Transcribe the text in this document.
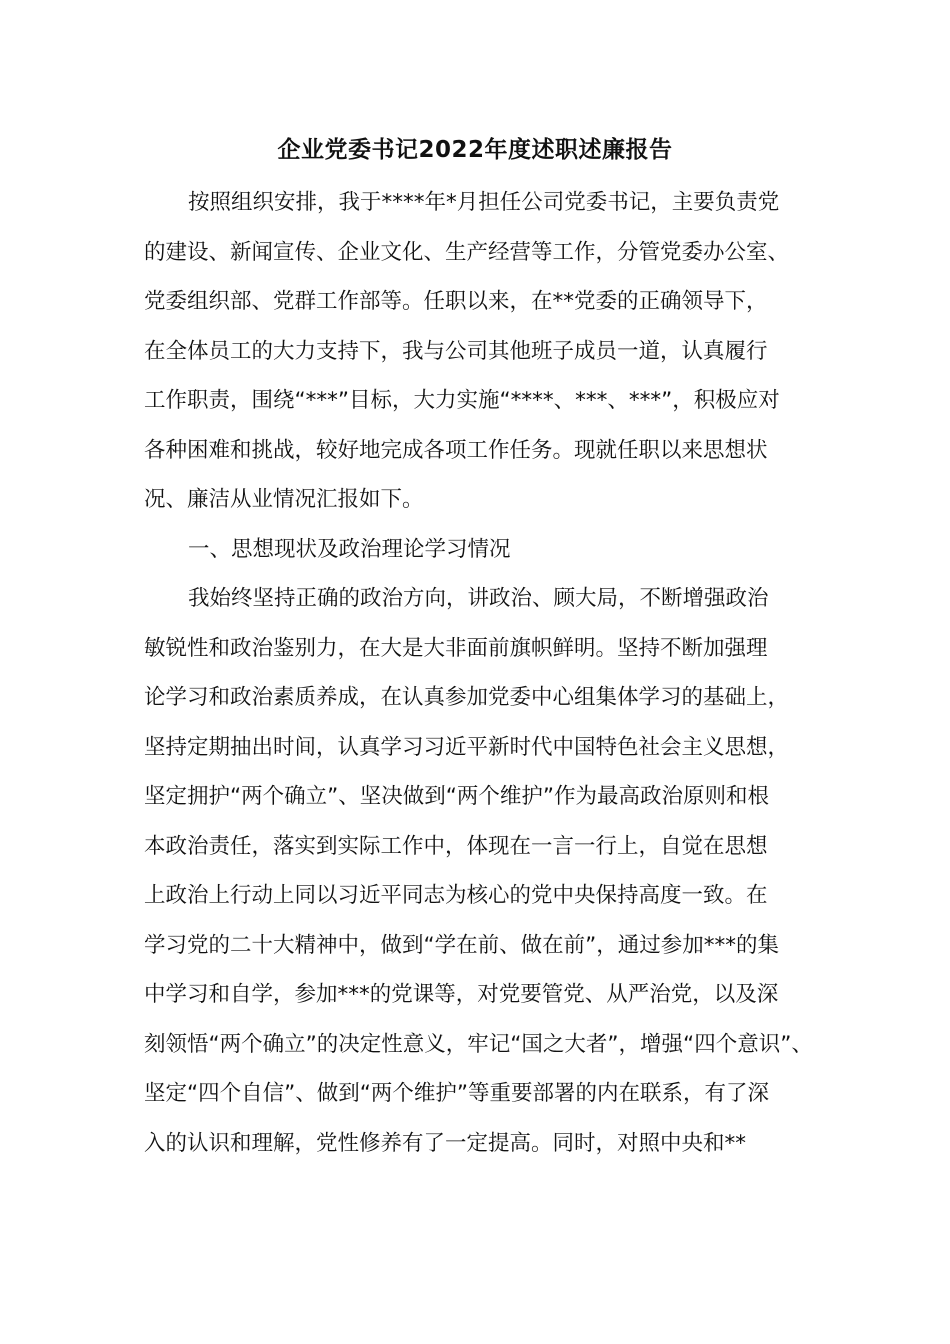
企业党委书记2022年度述职述廉报告
按照组织安排，我于****年*月担任公司党委书记，主要负责党
的建设、新闻宣传、企业文化、生产经营等工作，分管党委办公室、
党委组织部、党群工作部等。任职以来，在**党委的正确领导下，
在全体员工的大力支持下，我与公司其他班子成员一道，认真履行
工作职责，围绕“***”目标，大力实施“****、***、***”，积极应对
各种困难和挑战，较好地完成各项工作任务。现就任职以来思想状
况、廉洁从业情况汇报如下。
一、思想现状及政治理论学习情况
我始终坚持正确的政治方向，讲政治、顾大局，不断增强政治
敏锐性和政治鉴别力，在大是大非面前旗帜鲜明。坚持不断加强理
论学习和政治素质养成，在认真参加党委中心组集体学习的基础上，
坚持定期抽出时间，认真学习习近平新时代中国特色社会主义思想，
坚定拥护“两个确立”、坚决做到“两个维护”作为最高政治原则和根
本政治责任，落实到实际工作中，体现在一言一行上，自觉在思想
上政治上行动上同以习近平同志为核心的党中央保持高度一致。在
学习党的二十大精神中，做到“学在前、做在前”，通过参加***的集
中学习和自学，参加***的党课等，对党要管党、从严治党，以及深
刻领悟“两个确立”的决定性意义，牢记“国之大者”，增强“四个意识”、
坚定“四个自信”、做到“两个维护”等重要部署的内在联系，有了深
入的认识和理解，党性修养有了一定提高。同时，对照中央和**
